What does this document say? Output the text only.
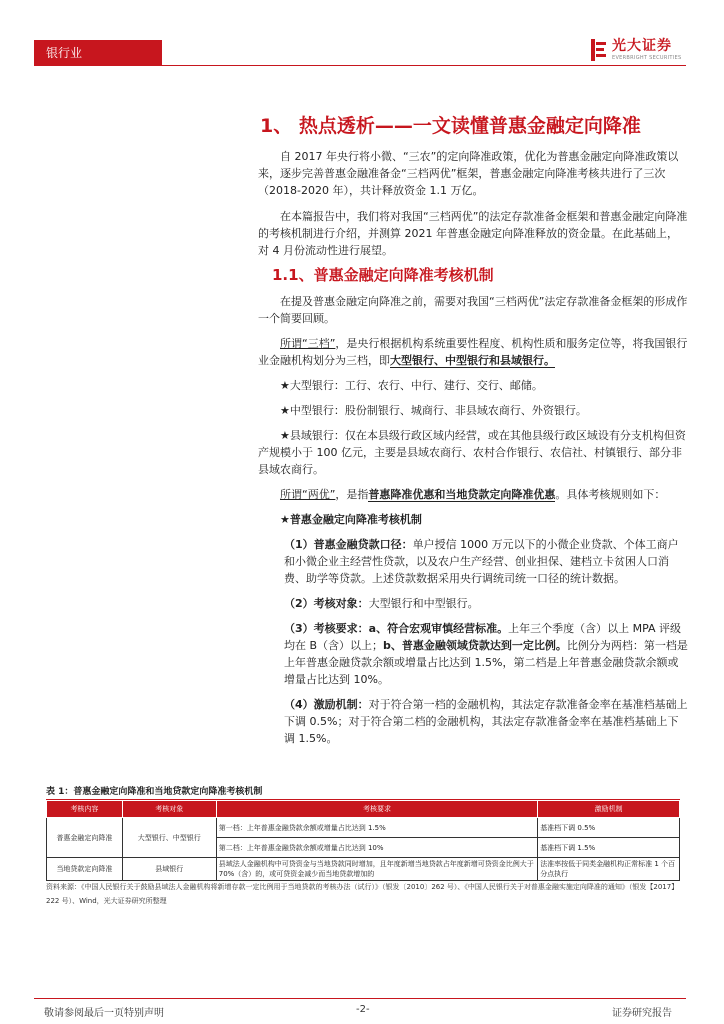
银行业	光大证券
EVERBRIGHT SECURITIES
1、 热点透析——一文读懂普惠金融定向降准

自 2017 年央行将小微、“三农”的定向降准政策，优化为普惠金融定向降准政策以来，逐步完善普惠金融准备金“三档两优”框架，普惠金融定向降准考核共进行了三次（2018-2020 年），共计释放资金 1.1 万亿。

在本篇报告中，我们将对我国“三档两优”的法定存款准备金框架和普惠金融定向降准的考核机制进行介绍，并测算 2021 年普惠金融定向降准释放的资金量。在此基础上，对 4 月份流动性进行展望。

1.1、普惠金融定向降准考核机制

在提及普惠金融定向降准之前，需要对我国“三档两优”法定存款准备金框架的形成作一个简要回顾。

所谓“三档”，是央行根据机构系统重要性程度、机构性质和服务定位等，将我国银行业金融机构划分为三档，即大型银行、中型银行和县域银行。

★大型银行：工行、农行、中行、建行、交行、邮储。

★中型银行：股份制银行、城商行、非县域农商行、外资银行。

★县域银行：仅在本县级行政区域内经营，或在其他县级行政区域设有分支机构但资产规模小于 100 亿元，主要是县域农商行、农村合作银行、农信社、村镇银行、部分非县域农商行。

所谓“两优”，是指普惠降准优惠和当地贷款定向降准优惠。具体考核规则如下：

★普惠金融定向降准考核机制

（1）普惠金融贷款口径：单户授信 1000 万元以下的小微企业贷款、个体工商户和小微企业主经营性贷款，以及农户生产经营、创业担保、建档立卡贫困人口消费、助学等贷款。上述贷款数据采用央行调统司统一口径的统计数据。

（2）考核对象：大型银行和中型银行。

（3）考核要求：a、符合宏观审慎经营标准。上年三个季度（含）以上 MPA 评级均在 B（含）以上；b、普惠金融领域贷款达到一定比例。比例分为两档：第一档是上年普惠金融贷款余额或增量占比达到 1.5%，第二档是上年普惠金融贷款余额或增量占比达到 10%。

（4）激励机制：对于符合第一档的金融机构，其法定存款准备金率在基准档基础上下调 0.5%；对于符合第二档的金融机构，其法定存款准备金率在基准档基础上下调 1.5%。

表 1：普惠金融定向降准和当地贷款定向降准考核机制
考核内容	考核对象	考核要求	激励机制
普惠金融定向降准	大型银行、中型银行	第一档：上年普惠金融贷款余额或增量占比达到 1.5%	基准档下调 0.5%
		第二档：上年普惠金融贷款余额或增量占比达到 10%	基准档下调 1.5%
当地贷款定向降准	县域银行	县域法人金融机构中可贷资金与当地贷款同时增加，且年度新增当地贷款占年度新增可贷资金比例大于 70%（含）的，或可贷资金减少而当地贷款增加的	法准率按低于同类金融机构正常标准 1 个百分点执行
资料来源：《中国人民银行关于鼓励县域法人金融机构将新增存款一定比例用于当地贷款的考核办法（试行）》（银发〔2010〕262 号）、《中国人民银行关于对普惠金融实施定向降准的通知》（银发【2017】222 号）、Wind，光大证券研究所整理
敬请参阅最后一页特别声明	-2-	证券研究报告
